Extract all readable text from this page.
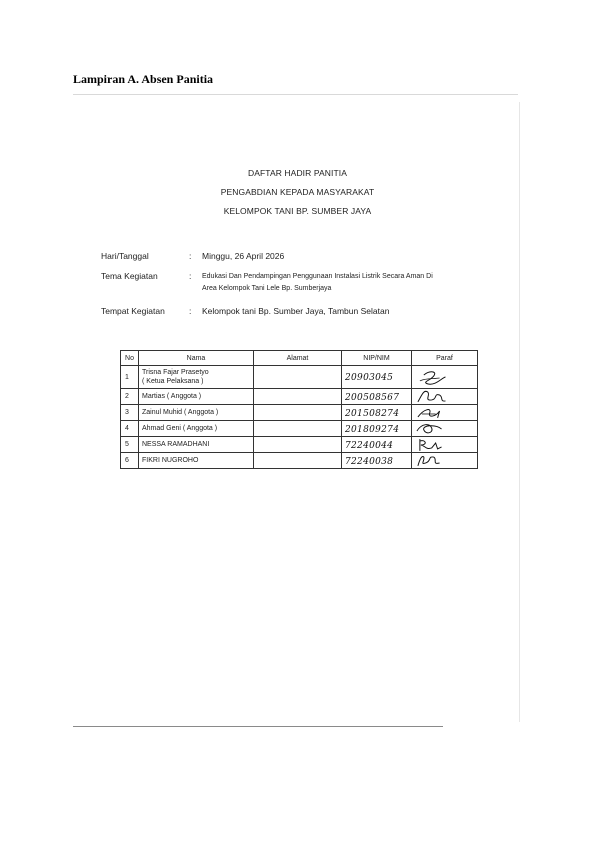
Lampiran A. Absen Panitia
DAFTAR HADIR PANITIA
PENGABDIAN KEPADA MASYARAKAT
KELOMPOK TANI BP. SUMBER JAYA
Hari/Tanggal	: Minggu, 26 April 2026
Tema Kegiatan	: Edukasi Dan Pendampingan Penggunaan Instalasi Listrik Secara Aman Di
Area Kelompok Tani Lele Bp. Sumberjaya
Tempat Kegiatan	: Kelompok tani Bp. Sumber Jaya, Tambun Selatan
No	Nama	Alamat	NIP/NIM	Paraf
1	Trisna Fajar Prasetyo
( Ketua Pelaksana )		20903045

2	Martias ( Anggota )		200508567

3	Zainul Muhid ( Anggota )		201508274

4	Ahmad Geni ( Anggota )		201809274

5	NESSA RAMADHANI		72240044

6	FIKRI NUGROHO		72240038
